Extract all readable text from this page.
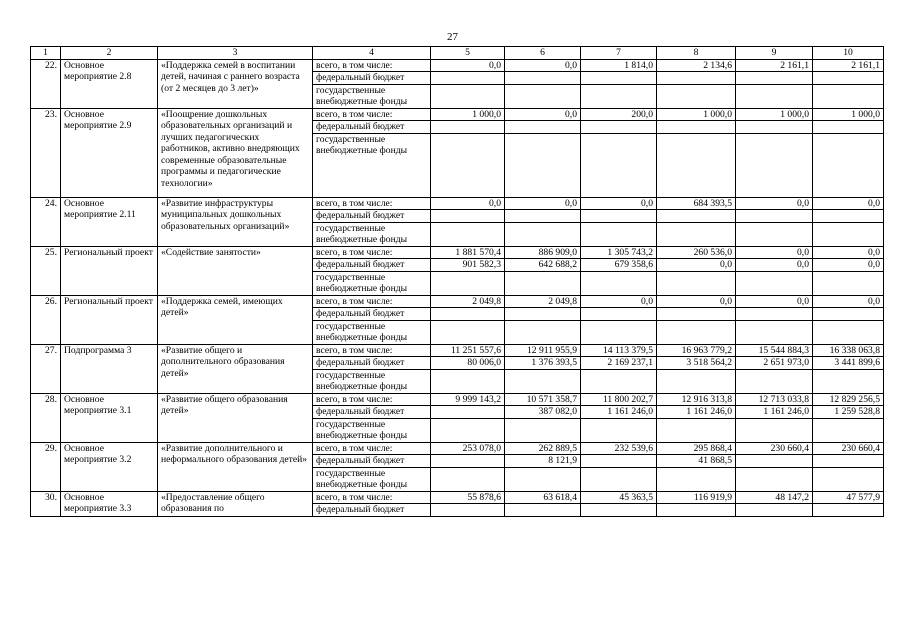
27
1	2	3	4	5	6	7	8	9	10
22.	Основное мероприятие 2.8	«Поддержка семей в воспитании детей, начиная с раннего возраста (от 2 месяцев до 3 лет)»	всего, в том числе:	0,0	0,0	1 814,0	2 134,6	2 161,1	2 161,1
			федеральный бюджет						
			государственные внебюджетные фонды						
23.	Основное мероприятие 2.9	«Поощрение дошкольных образовательных организаций и лучших педагогических работников, активно внедряющих современные образовательные программы и педагогические технологии»	всего, в том числе:	1 000,0	0,0	200,0	1 000,0	1 000,0	1 000,0
			федеральный бюджет						
			государственные внебюджетные фонды						
24.	Основное мероприятие 2.11	«Развитие инфраструктуры муниципальных дошкольных образовательных организаций»	всего, в том числе:	0,0	0,0	0,0	684 393,5	0,0	0,0
			федеральный бюджет						
			государственные внебюджетные фонды						
25.	Региональный проект	«Содействие занятости»	всего, в том числе:	1 881 570,4	886 909,0	1 305 743,2	260 536,0	0,0	0,0
			федеральный бюджет	901 582,3	642 688,2	679 358,6	0,0	0,0	0,0
			государственные внебюджетные фонды						
26.	Региональный проект	«Поддержка семей, имеющих детей»	всего, в том числе:	2 049,8	2 049,8	0,0	0,0	0,0	0,0
			федеральный бюджет						
			государственные внебюджетные фонды						
27.	Подпрограмма 3	«Развитие общего и дополнительного образования детей»	всего, в том числе:	11 251 557,6	12 911 955,9	14 113 379,5	16 963 779,2	15 544 884,3	16 338 063,8
			федеральный бюджет	80 006,0	1 376 393,5	2 169 237,1	3 518 564,2	2 651 973,0	3 441 899,6
			государственные внебюджетные фонды						
28.	Основное мероприятие 3.1	«Развитие общего образования детей»	всего, в том числе:	9 999 143,2	10 571 358,7	11 800 202,7	12 916 313,8	12 713 033,8	12 829 256,5
			федеральный бюджет		387 082,0	1 161 246,0	1 161 246,0	1 161 246,0	1 259 528,8
			государственные внебюджетные фонды						
29.	Основное мероприятие 3.2	«Развитие дополнительного и неформального образования детей»	всего, в том числе:	253 078,0	262 889,5	232 539,6	295 868,4	230 660,4	230 660,4
			федеральный бюджет		8 121,9		41 868,5		
			государственные внебюджетные фонды						
30.	Основное мероприятие 3.3	«Предоставление общего образования по	всего, в том числе:	55 878,6	63 618,4	45 363,5	116 919,9	48 147,2	47 577,9
			федеральный бюджет						
